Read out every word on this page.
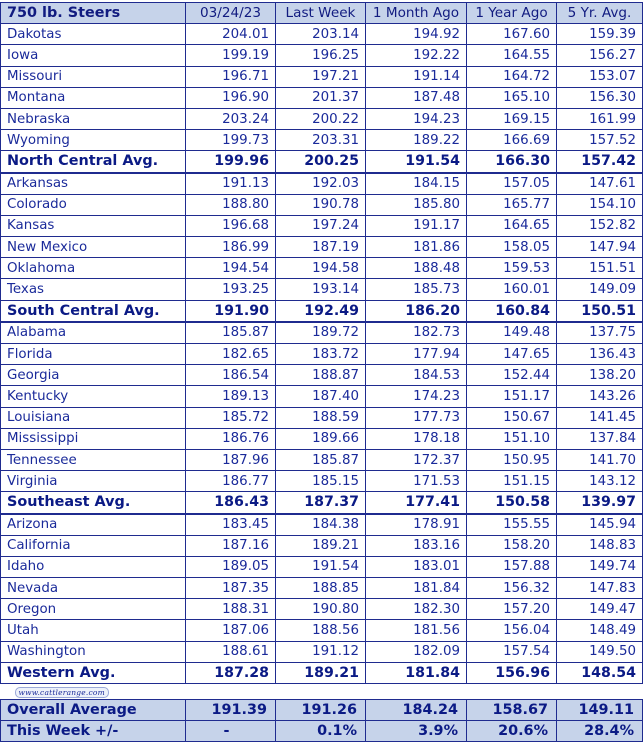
750 lb. Steers	03/24/23	Last Week	1 Month Ago	1 Year Ago	5 Yr. Avg.
Dakotas	204.01	203.14	194.92	167.60	159.39
Iowa	199.19	196.25	192.22	164.55	156.27
Missouri	196.71	197.21	191.14	164.72	153.07
Montana	196.90	201.37	187.48	165.10	156.30
Nebraska	203.24	200.22	194.23	169.15	161.99
Wyoming	199.73	203.31	189.22	166.69	157.52
North Central Avg.	199.96	200.25	191.54	166.30	157.42
Arkansas	191.13	192.03	184.15	157.05	147.61
Colorado	188.80	190.78	185.80	165.77	154.10
Kansas	196.68	197.24	191.17	164.65	152.82
New Mexico	186.99	187.19	181.86	158.05	147.94
Oklahoma	194.54	194.58	188.48	159.53	151.51
Texas	193.25	193.14	185.73	160.01	149.09
South Central Avg.	191.90	192.49	186.20	160.84	150.51
Alabama	185.87	189.72	182.73	149.48	137.75
Florida	182.65	183.72	177.94	147.65	136.43
Georgia	186.54	188.87	184.53	152.44	138.20
Kentucky	189.13	187.40	174.23	151.17	143.26
Louisiana	185.72	188.59	177.73	150.67	141.45
Mississippi	186.76	189.66	178.18	151.10	137.84
Tennessee	187.96	185.87	172.37	150.95	141.70
Virginia	186.77	185.15	171.53	151.15	143.12
Southeast Avg.	186.43	187.37	177.41	150.58	139.97
Arizona	183.45	184.38	178.91	155.55	145.94
California	187.16	189.21	183.16	158.20	148.83
Idaho	189.05	191.54	183.01	157.88	149.74
Nevada	187.35	188.85	181.84	156.32	147.83
Oregon	188.31	190.80	182.30	157.20	149.47
Utah	187.06	188.56	181.56	156.04	148.49
Washington	188.61	191.12	182.09	157.54	149.50
Western Avg.	187.28	189.21	181.84	156.96	148.54
www.cattlerange.com					
Overall Average	191.39	191.26	184.24	158.67	149.11
This Week +/-	-	0.1%	3.9%	20.6%	28.4%
